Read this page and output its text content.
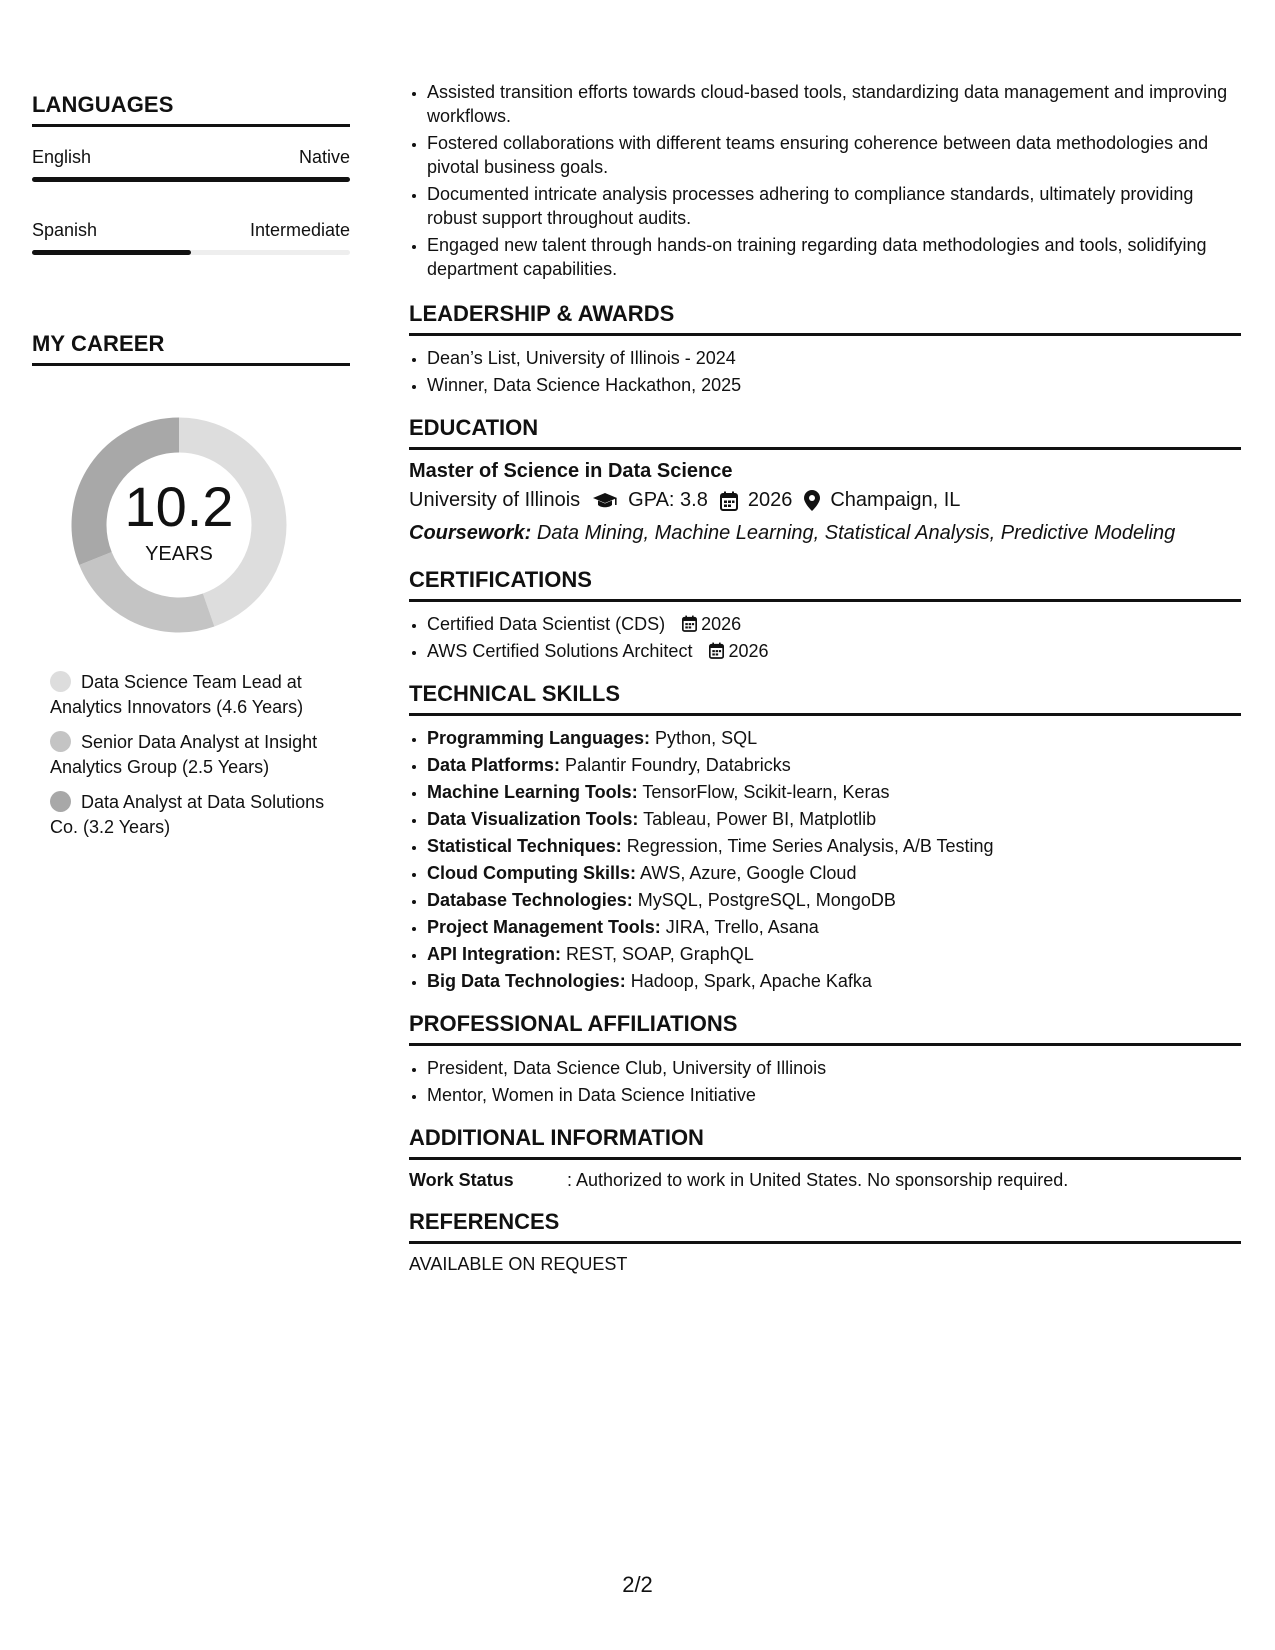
LANGUAGES
English	Native
Spanish	Intermediate
MY CAREER
10.2
YEARS
Data Science Team Lead at Analytics Innovators (4.6 Years)
Senior Data Analyst at Insight Analytics Group (2.5 Years)
Data Analyst at Data Solutions Co. (3.2 Years)
• Assisted transition efforts towards cloud-based tools, standardizing data management and improving workflows.
• Fostered collaborations with different teams ensuring coherence between data methodologies and pivotal business goals.
• Documented intricate analysis processes adhering to compliance standards, ultimately providing robust support throughout audits.
• Engaged new talent through hands-on training regarding data methodologies and tools, solidifying department capabilities.
LEADERSHIP & AWARDS
• Dean’s List, University of Illinois - 2024
• Winner, Data Science Hackathon, 2025
EDUCATION
Master of Science in Data Science
University of Illinois GPA: 3.8 2026 Champaign, IL
Coursework: Data Mining, Machine Learning, Statistical Analysis, Predictive Modeling
CERTIFICATIONS
• Certified Data Scientist (CDS) 2026
• AWS Certified Solutions Architect 2026
TECHNICAL SKILLS
• Programming Languages: Python, SQL
• Data Platforms: Palantir Foundry, Databricks
• Machine Learning Tools: TensorFlow, Scikit-learn, Keras
• Data Visualization Tools: Tableau, Power BI, Matplotlib
• Statistical Techniques: Regression, Time Series Analysis, A/B Testing
• Cloud Computing Skills: AWS, Azure, Google Cloud
• Database Technologies: MySQL, PostgreSQL, MongoDB
• Project Management Tools: JIRA, Trello, Asana
• API Integration: REST, SOAP, GraphQL
• Big Data Technologies: Hadoop, Spark, Apache Kafka
PROFESSIONAL AFFILIATIONS
• President, Data Science Club, University of Illinois
• Mentor, Women in Data Science Initiative
ADDITIONAL INFORMATION
Work Status	: Authorized to work in United States. No sponsorship required.
REFERENCES
AVAILABLE ON REQUEST
2/2
